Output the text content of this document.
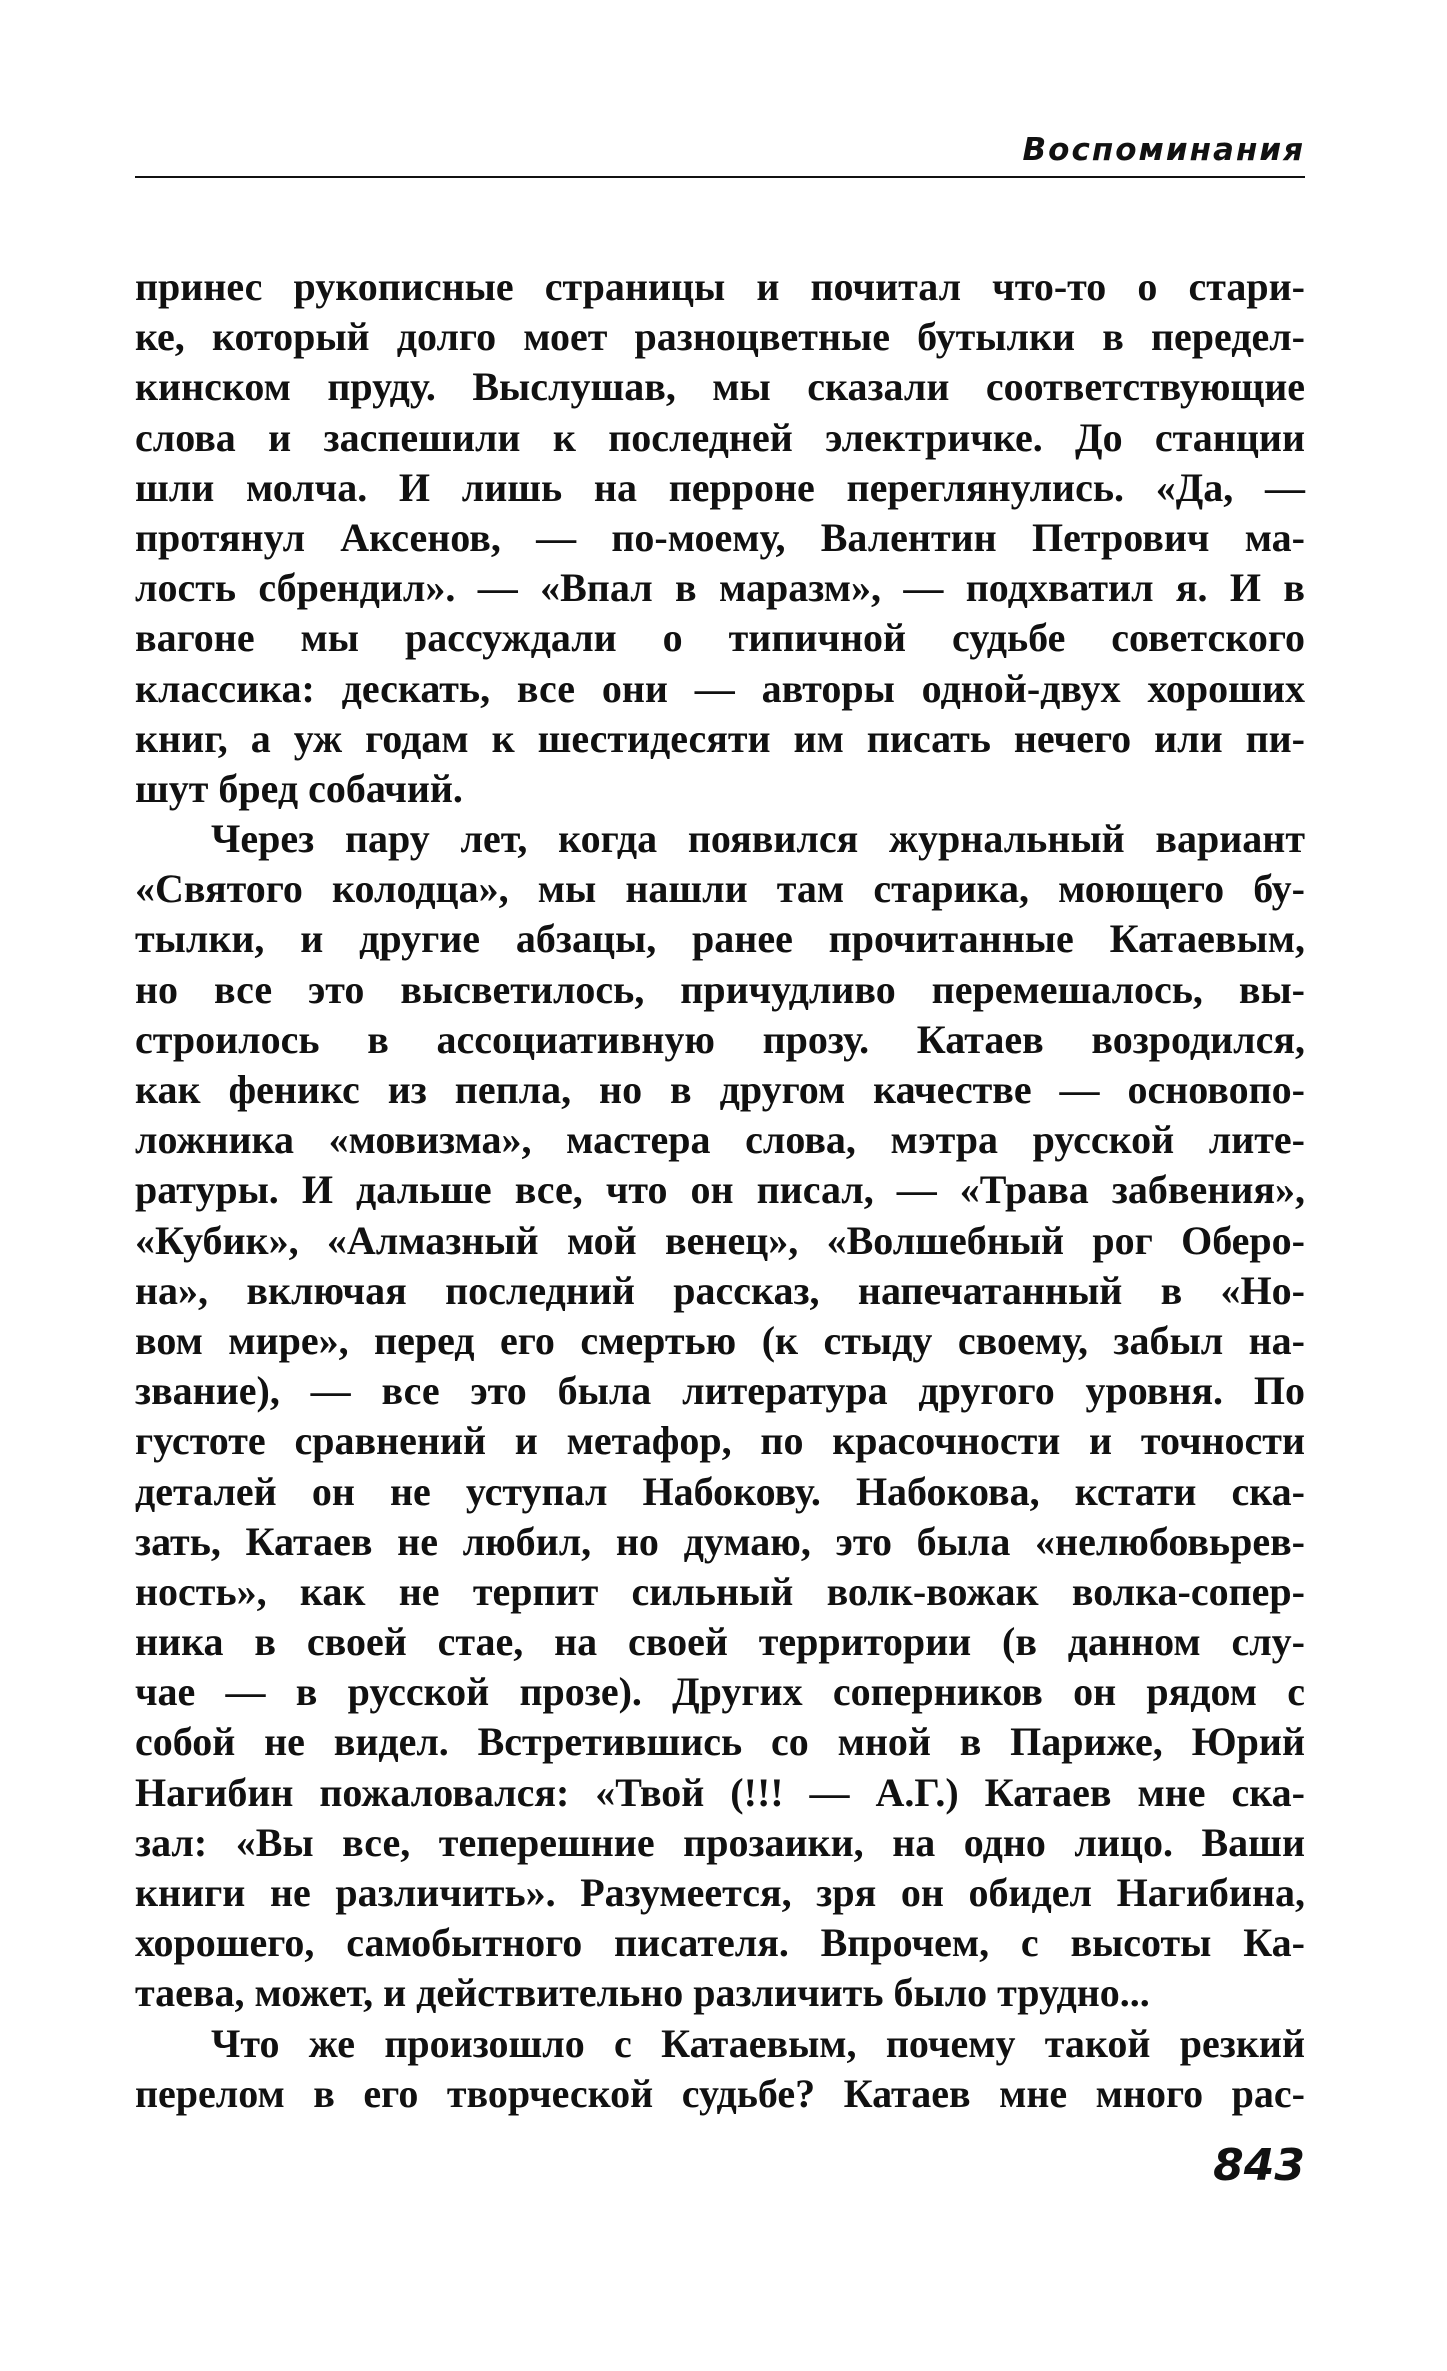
Воспоминания
принес рукописные страницы и почитал что-то о стари-
ке, который долго моет разноцветные бутылки в передел-
кинском пруду. Выслушав, мы сказали соответствующие
слова и заспешили к последней электричке. До станции
шли молча. И лишь на перроне переглянулись. «Да, —
протянул Аксенов, — по-моему, Валентин Петрович ма-
лость сбрендил». — «Впал в маразм», — подхватил я. И в
вагоне мы рассуждали о типичной судьбе советского
классика: дескать, все они — авторы одной-двух хороших
книг, а уж годам к шестидесяти им писать нечего или пи-
шут бред собачий.
Через пару лет, когда появился журнальный вариант
«Святого колодца», мы нашли там старика, моющего бу-
тылки, и другие абзацы, ранее прочитанные Катаевым,
но все это высветилось, причудливо перемешалось, вы-
строилось в ассоциативную прозу. Катаев возродился,
как феникс из пепла, но в другом качестве — основопо-
ложника «мовизма», мастера слова, мэтра русской лите-
ратуры. И дальше все, что он писал, — «Трава забвения»,
«Кубик», «Алмазный мой венец», «Волшебный рог Оберо-
на», включая последний рассказ, напечатанный в «Но-
вом мире», перед его смертью (к стыду своему, забыл на-
звание), — все это была литература другого уровня. По
густоте сравнений и метафор, по красочности и точности
деталей он не уступал Набокову. Набокова, кстати ска-
зать, Катаев не любил, но думаю, это была «нелюбовьрев-
ность», как не терпит сильный волк-вожак волка-сопер-
ника в своей стае, на своей территории (в данном слу-
чае — в русской прозе). Других соперников он рядом с
собой не видел. Встретившись со мной в Париже, Юрий
Нагибин пожаловался: «Твой (!!! — А.Г.) Катаев мне ска-
зал: «Вы все, теперешние прозаики, на одно лицо. Ваши
книги не различить». Разумеется, зря он обидел Нагибина,
хорошего, самобытного писателя. Впрочем, с высоты Ка-
таева, может, и действительно различить было трудно...
Что же произошло с Катаевым, почему такой резкий
перелом в его творческой судьбе? Катаев мне много рас-
843
